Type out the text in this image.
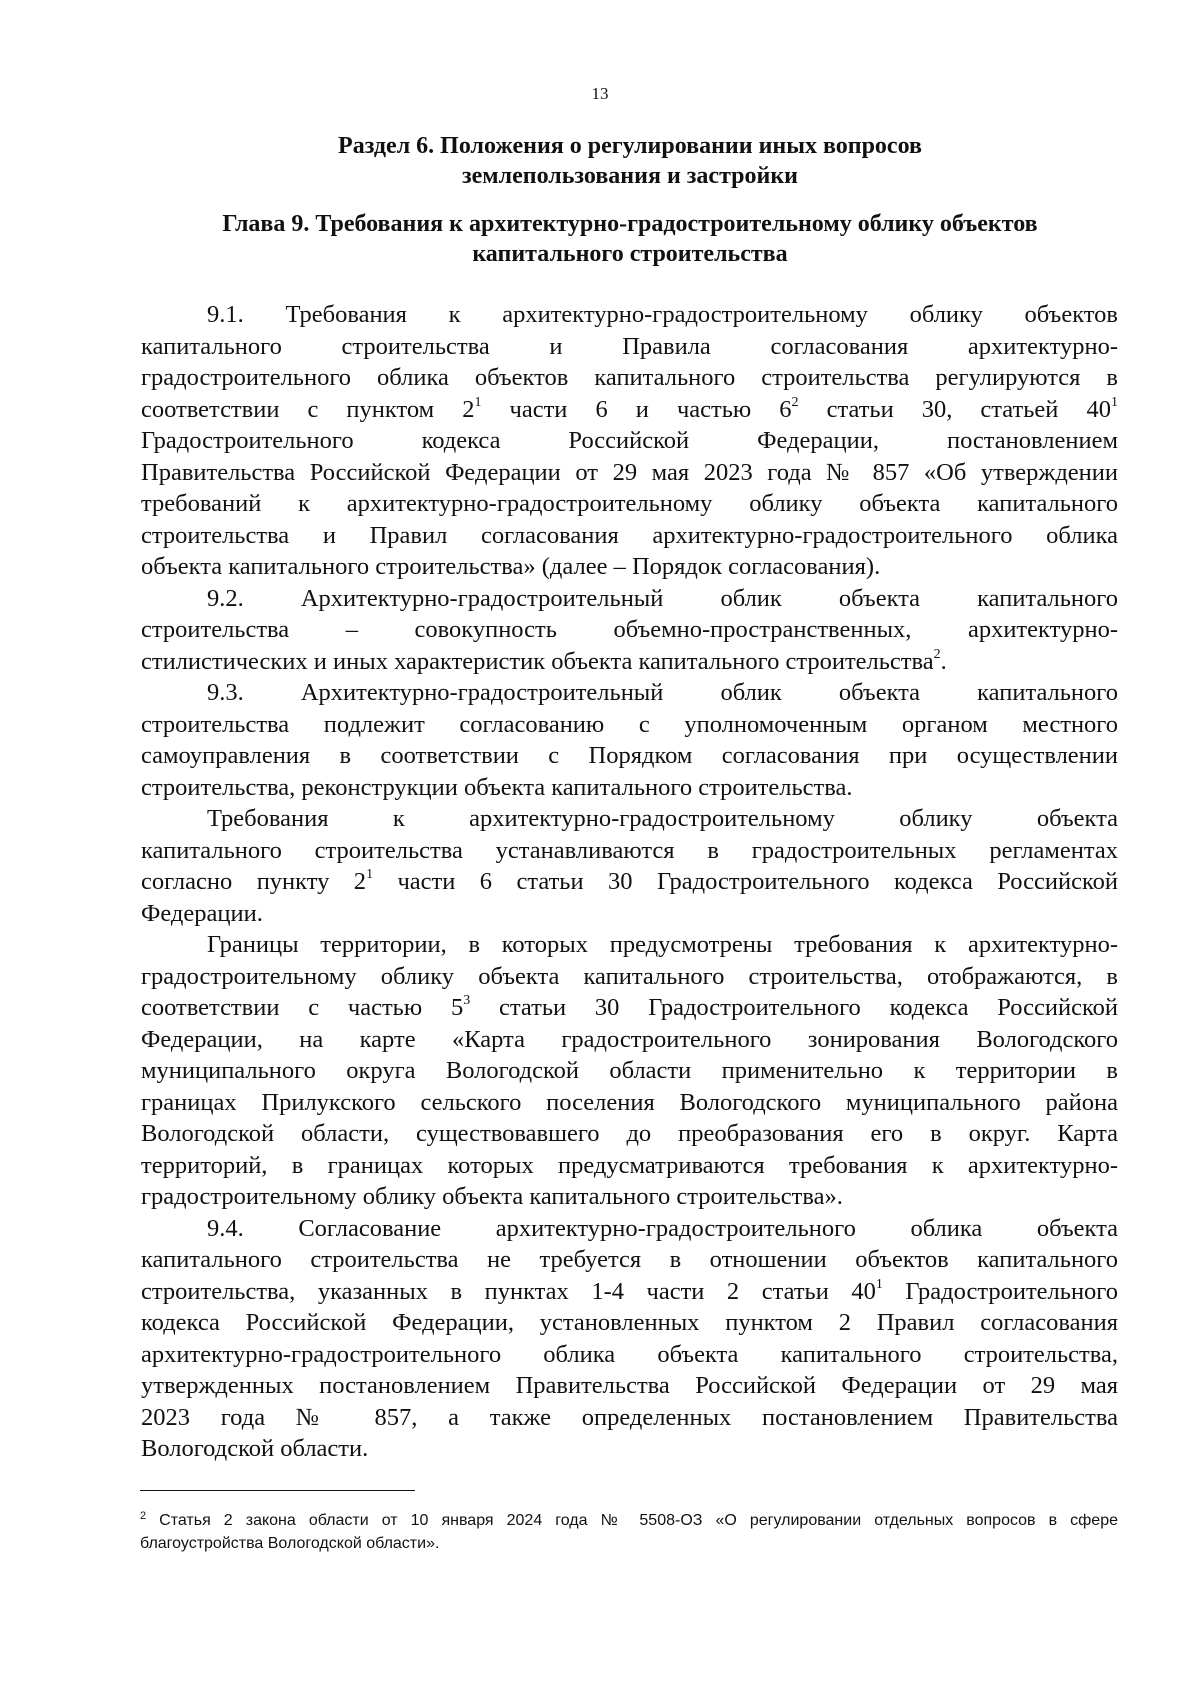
13
Раздел 6. Положения о регулировании иных вопросов
землепользования и застройки
Глава 9. Требования к архитектурно-градостроительному облику объектов
капитального строительства

9.1. Требования к архитектурно-градостроительному облику объектов

капитального строительства и Правила согласования архитектурно-
градостроительного облика объектов капитального строительства регулируются в
соответствии с пунктом $2^1$ части 6 и частью $6^2$ статьи 30, статьей $40^1$
Градостроительного кодекса Российской Федерации, постановлением
Правительства Российской Федерации от 29 мая 2023 года № 857 «Об утверждении
требований к архитектурно-градостроительному облику объекта капитального
строительства и Правил согласования архитектурно-градостроительного облика
объекта капитального строительства» (далее – Порядок согласования).

9.2. Архитектурно-градостроительный облик объекта капитального

строительства – совокупность объемно-пространственных, архитектурно-
стилистических и иных характеристик объекта капитального строительства$^2$.

9.3. Архитектурно-градостроительный облик объекта капитального

строительства подлежит согласованию с уполномоченным органом местного
самоуправления в соответствии с Порядком согласования при осуществлении
строительства, реконструкции объекта капитального строительства.

Требования к архитектурно-градостроительному облику объекта

капитального строительства устанавливаются в градостроительных регламентах
согласно пункту $2^1$ части 6 статьи 30 Градостроительного кодекса Российской
Федерации.

Границы территории, в которых предусмотрены требования к архитектурно-

градостроительному облику объекта капитального строительства, отображаются, в
соответствии с частью $5^3$ статьи 30 Градостроительного кодекса Российской
Федерации, на карте «Карта градостроительного зонирования Вологодского
муниципального округа Вологодской области применительно к территории в
границах Прилукского сельского поселения Вологодского муниципального района
Вологодской области, существовавшего до преобразования его в округ. Карта
территорий, в границах которых предусматриваются требования к архитектурно-
градостроительному облику объекта капитального строительства».

9.4. Согласование архитектурно-градостроительного облика объекта

капитального строительства не требуется в отношении объектов капитального
строительства, указанных в пунктах 1-4 части 2 статьи $40^1$ Градостроительного
кодекса Российской Федерации, установленных пунктом 2 Правил согласования
архитектурно-градостроительного облика объекта капитального строительства,
утвержденных постановлением Правительства Российской Федерации от 29 мая
2023 года № 857, а также определенных постановлением Правительства
Вологодской области.
$^2$ Статья 2 закона области от 10 января 2024 года № 5508-ОЗ «О регулировании отдельных вопросов в сфере
благоустройства Вологодской области».
